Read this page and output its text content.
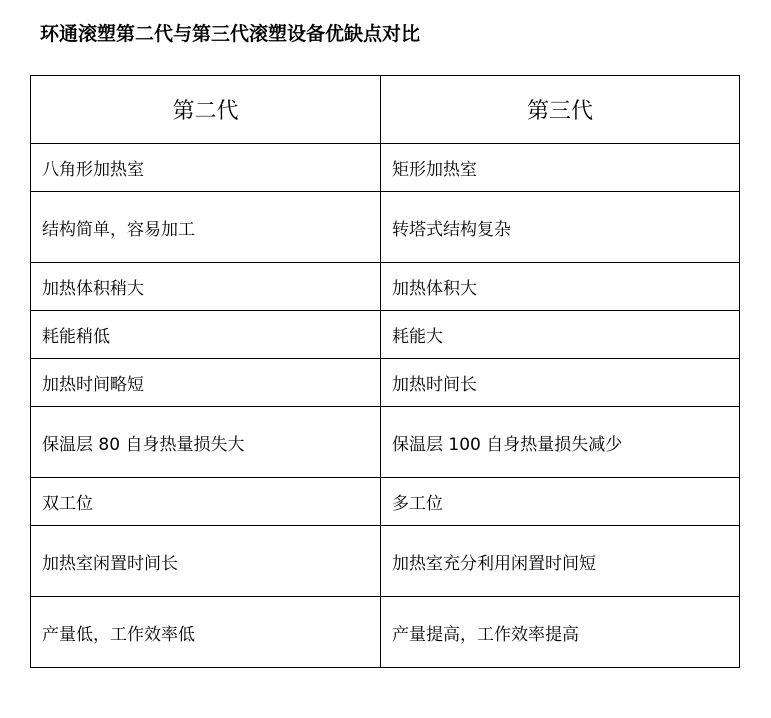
环通滚塑第二代与第三代滚塑设备优缺点对比
第二代	第三代
八角形加热室	矩形加热室
结构简单，容易加工	转塔式结构复杂
加热体积稍大	加热体积大
耗能稍低	耗能大
加热时间略短	加热时间长
保温层 80 自身热量损失大	保温层 100 自身热量损失减少
双工位	多工位
加热室闲置时间长	加热室充分利用闲置时间短
产量低，工作效率低	产量提高，工作效率提高
